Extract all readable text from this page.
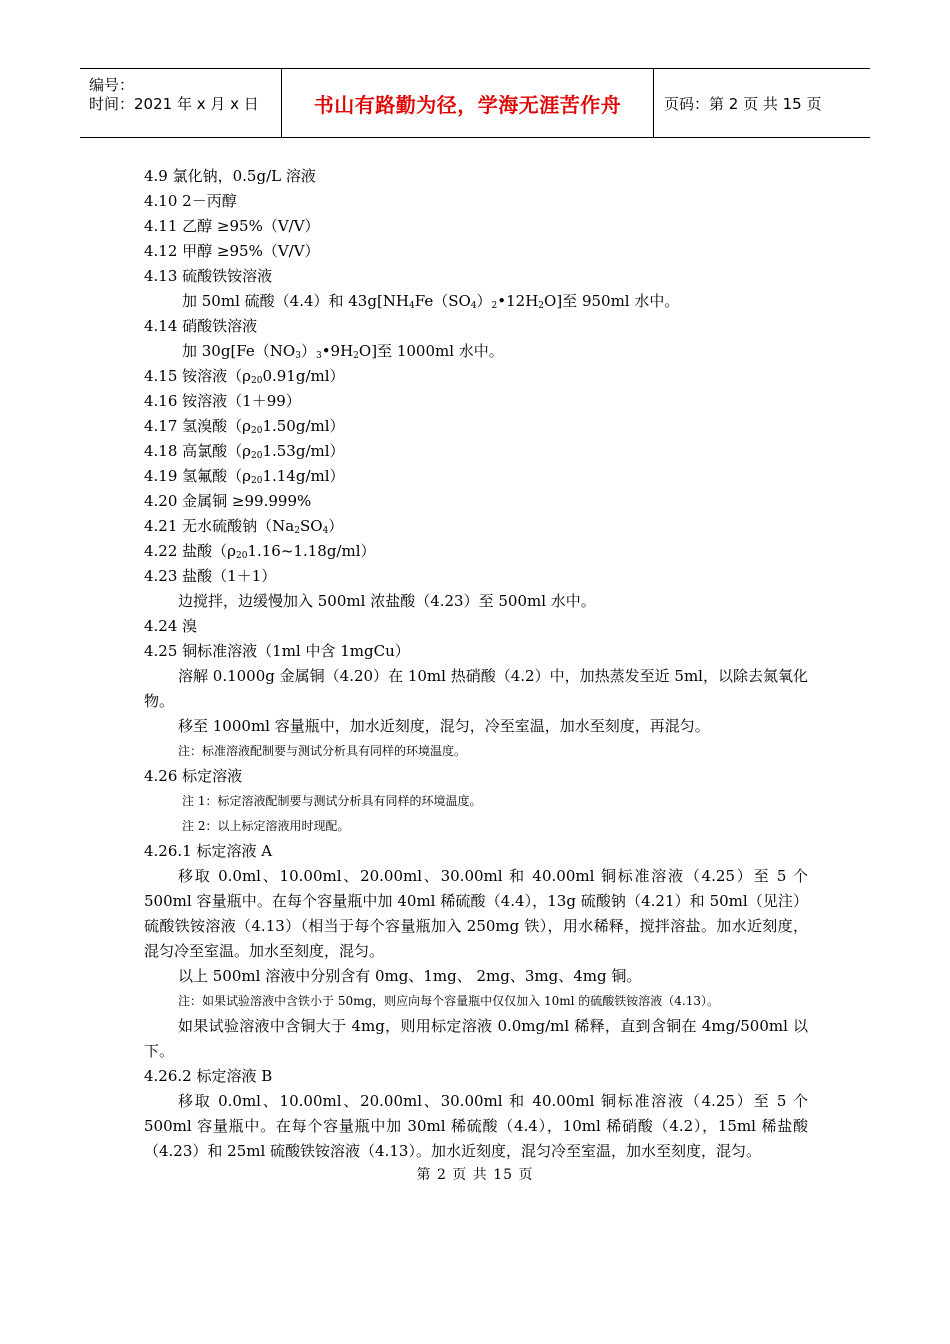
编号：
时间：2021 年 x 月 x 日	书山有路勤为径，学海无涯苦作舟	页码：第 2 页 共 15 页
4.9 氯化钠，0.5g/L 溶液
4.10 2－丙醇
4.11 乙醇 ≥95%（V/V）
4.12 甲醇 ≥95%（V/V）
4.13 硫酸铁铵溶液
加 50ml 硫酸（4.4）和 $43g[NH_4Fe(SO_4)_2•12H_2O]$至 950ml 水中。
4.14 硝酸铁溶液
加 $30g[Fe(NO_3)_3•9H_2O]$至 1000ml 水中。
4.15 铵溶液$(\rho_{20}0.91g/ml)$
4.16 铵溶液（1＋99）
4.17 氢溴酸$(\rho_{20}1.50g/ml)$
4.18 高氯酸$(\rho_{20}1.53g/ml)$
4.19 氢氟酸$(\rho_{20}1.14g/ml)$
4.20 金属铜 ≥99.999%
4.21 无水硫酸钠$(Na_2SO_4)$
4.22 盐酸$(\rho_{20}1.16\sim 1.18g/ml)$
4.23 盐酸（1＋1）
边搅拌，边缓慢加入 500ml 浓盐酸（4.23）至 500ml 水中。
4.24 溴
4.25 铜标准溶液（1ml 中含 1mgCu）
溶解 0.1000g 金属铜（4.20）在 10ml 热硝酸（4.2）中，加热蒸发至近 5ml，以除去氮氧化物。
移至 1000ml 容量瓶中，加水近刻度，混匀，冷至室温，加水至刻度，再混匀。
注：标准溶液配制要与测试分析具有同样的环境温度。
4.26 标定溶液
注 1：标定溶液配制要与测试分析具有同样的环境温度。
注 2：以上标定溶液用时现配。
4.26.1 标定溶液 A
移取 0.0ml、10.00ml、20.00ml、30.00ml 和 40.00ml 铜标准溶液（4.25）至 5 个 500ml 容量瓶中。在每个容量瓶中加 40ml 稀硫酸（4.4），13g 硫酸钠（4.21）和 50ml（见注）硫酸铁铵溶液（4.13）（相当于每个容量瓶加入 250mg 铁），用水稀释，搅拌溶盐。加水近刻度，混匀冷至室温。加水至刻度，混匀。
以上 500ml 溶液中分别含有 0mg、1mg、 2mg、3mg、4mg 铜。
注：如果试验溶液中含铁小于 50mg，则应向每个容量瓶中仅仅加入 10ml 的硫酸铁铵溶液（4.13）。
如果试验溶液中含铜大于 4mg，则用标定溶液 0.0mg/ml 稀释，直到含铜在 4mg/500ml 以下。
4.26.2 标定溶液 B
移取 0.0ml、10.00ml、20.00ml、30.00ml 和 40.00ml 铜标准溶液（4.25）至 5 个 500ml 容量瓶中。在每个容量瓶中加 30ml 稀硫酸（4.4），10ml 稀硝酸（4.2），15ml 稀盐酸（4.23）和 25ml 硫酸铁铵溶液（4.13）。加水近刻度，混匀冷至室温，加水至刻度，混匀。
第 2 页 共 15 页
